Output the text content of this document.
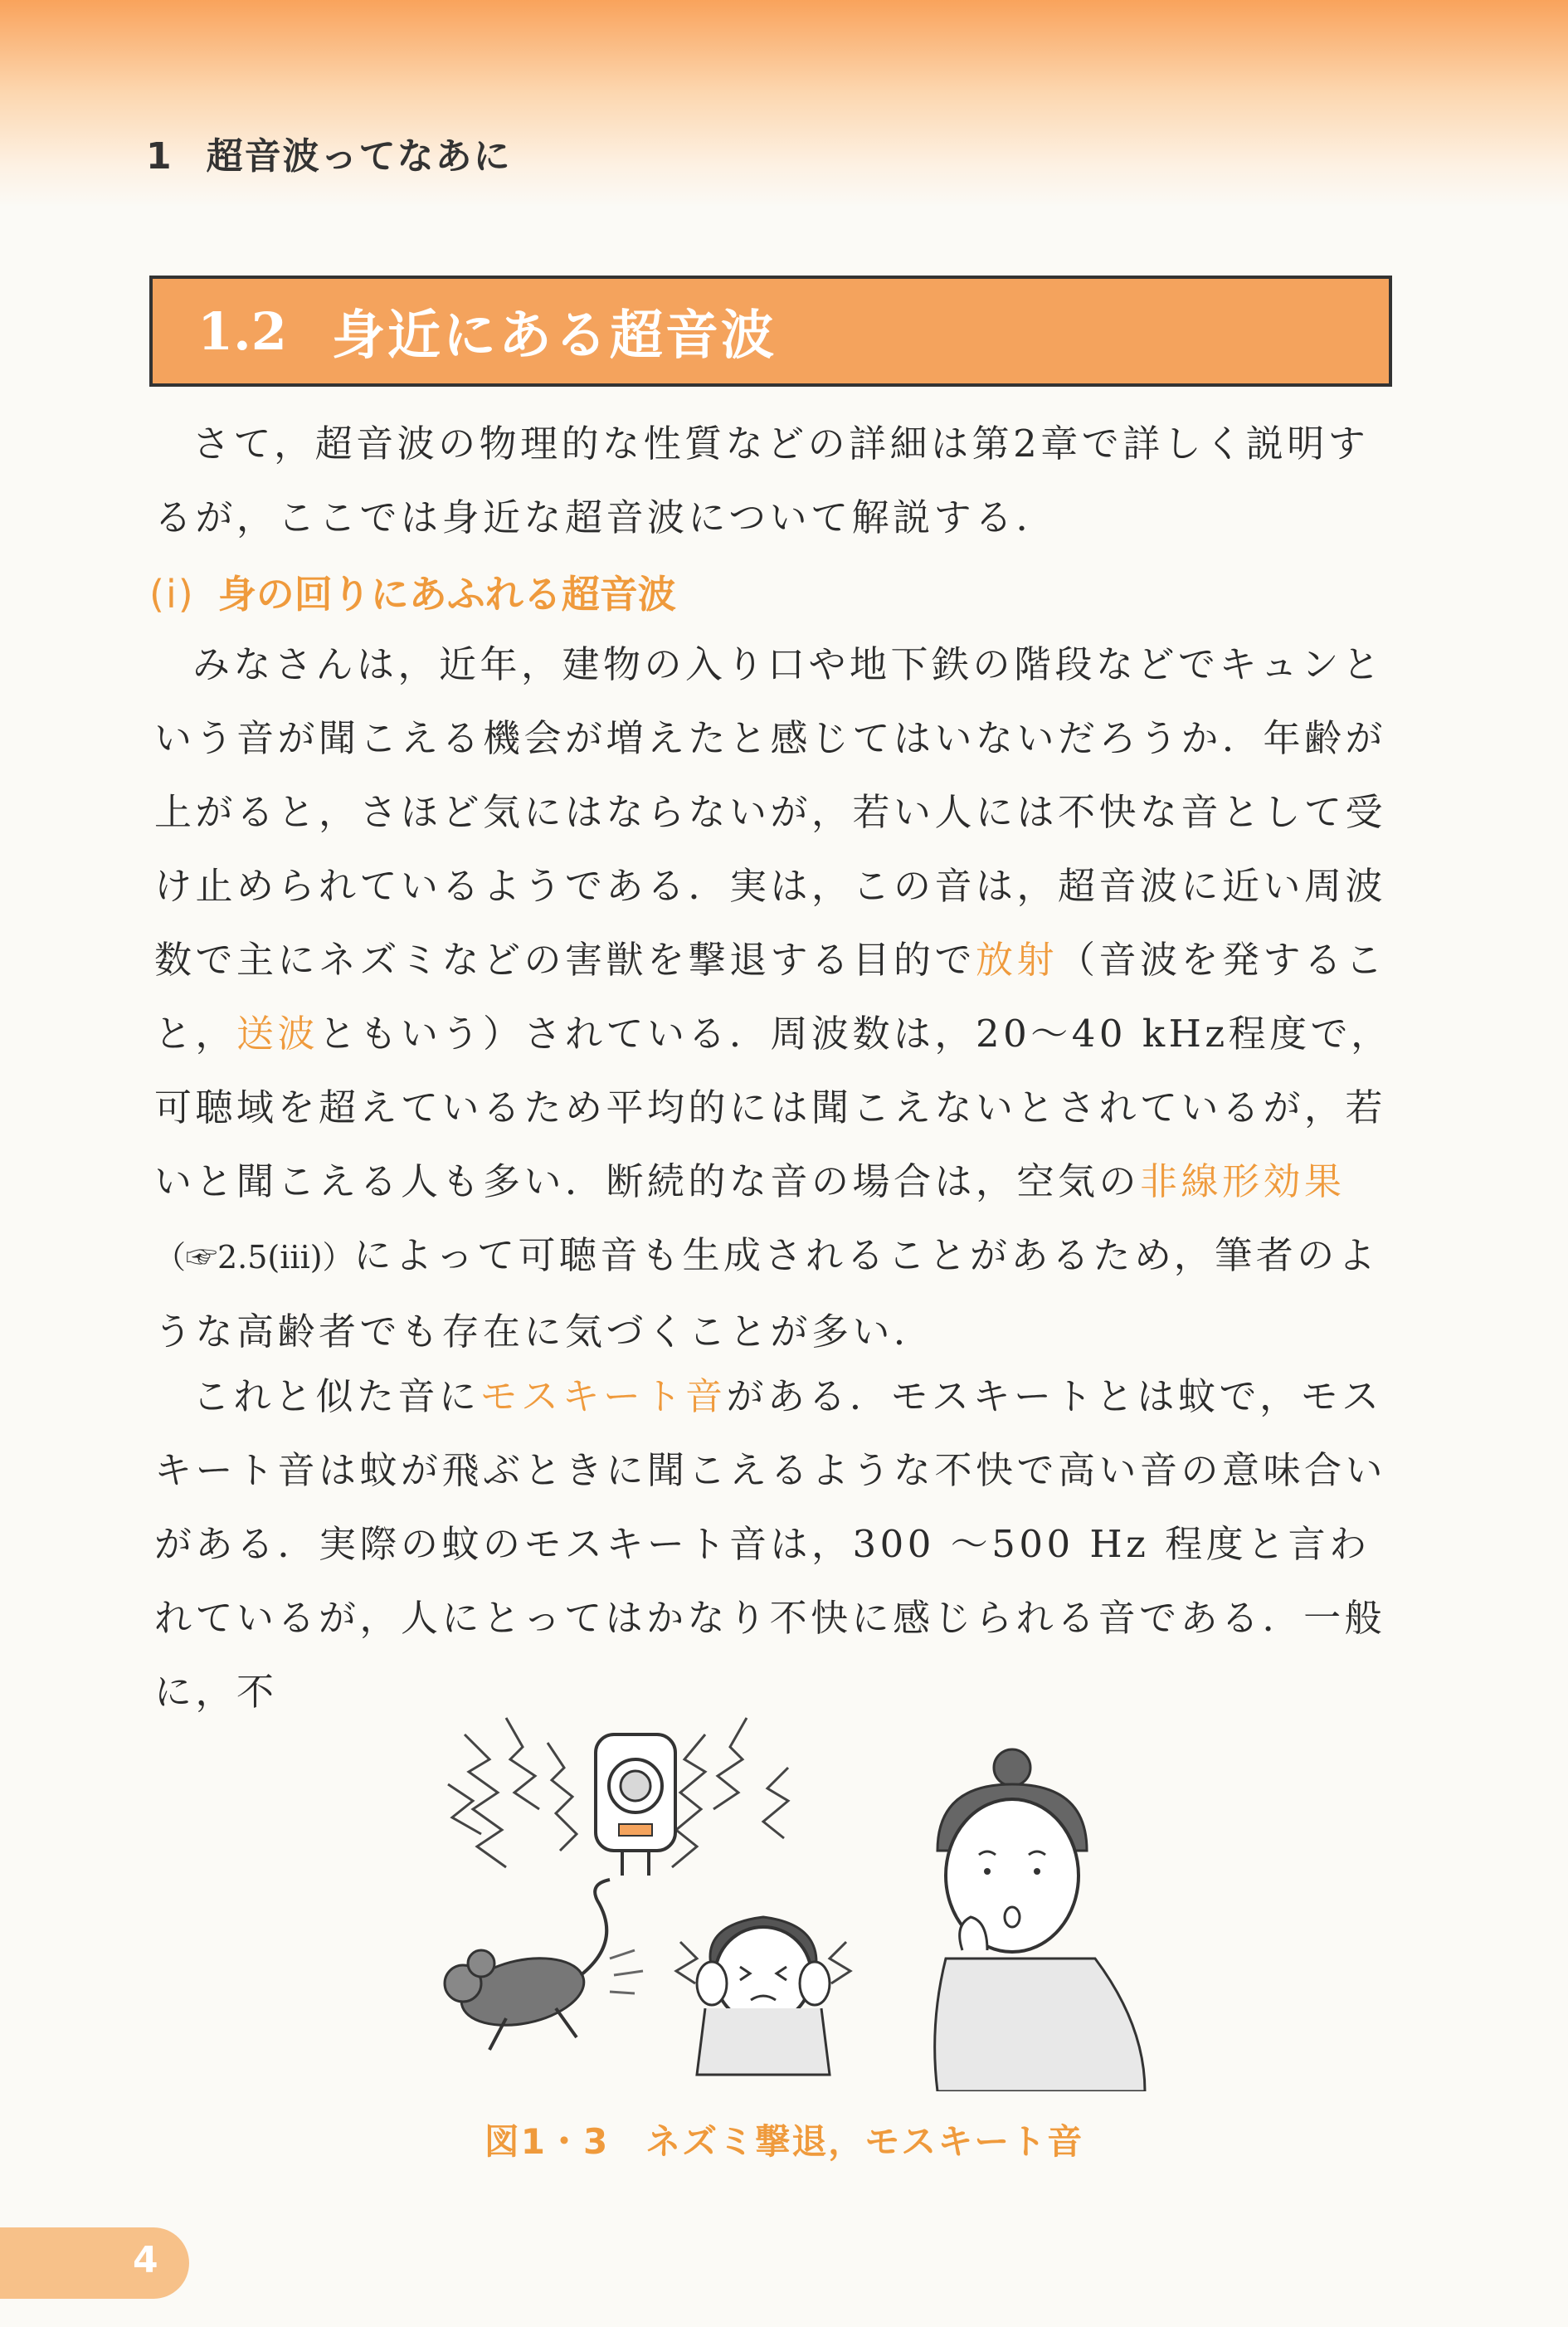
1 超音波ってなあに
1.2 身近にある超音波

さて，超音波の物理的な性質などの詳細は第2章で詳しく説明するが，ここでは身近な超音波について解説する．

(i) 身の回りにあふれる超音波

みなさんは，近年，建物の入り口や地下鉄の階段などでキュンという音が聞こえる機会が増えたと感じてはいないだろうか．年齢が上がると，さほど気にはならないが，若い人には不快な音として受け止められているようである．実は，この音は，超音波に近い周波数で主にネズミなどの害獣を撃退する目的で放射（音波を発すること，送波ともいう）されている．周波数は，20～40 kHz程度で，可聴域を超えているため平均的には聞こえないとされているが，若いと聞こえる人も多い．断続的な音の場合は，空気の非線形効果（☞2.5(iii)）によって可聴音も生成されることがあるため，筆者のような高齢者でも存在に気づくことが多い．

これと似た音にモスキート音がある．モスキートとは蚊で，モスキート音は蚊が飛ぶときに聞こえるような不快で高い音の意味合いがある．実際の蚊のモスキート音は，300 ～500 Hz 程度と言われているが，人にとってはかなり不快に感じられる音である．一般に，不

図1・3 ネズミ撃退，モスキート音
4
